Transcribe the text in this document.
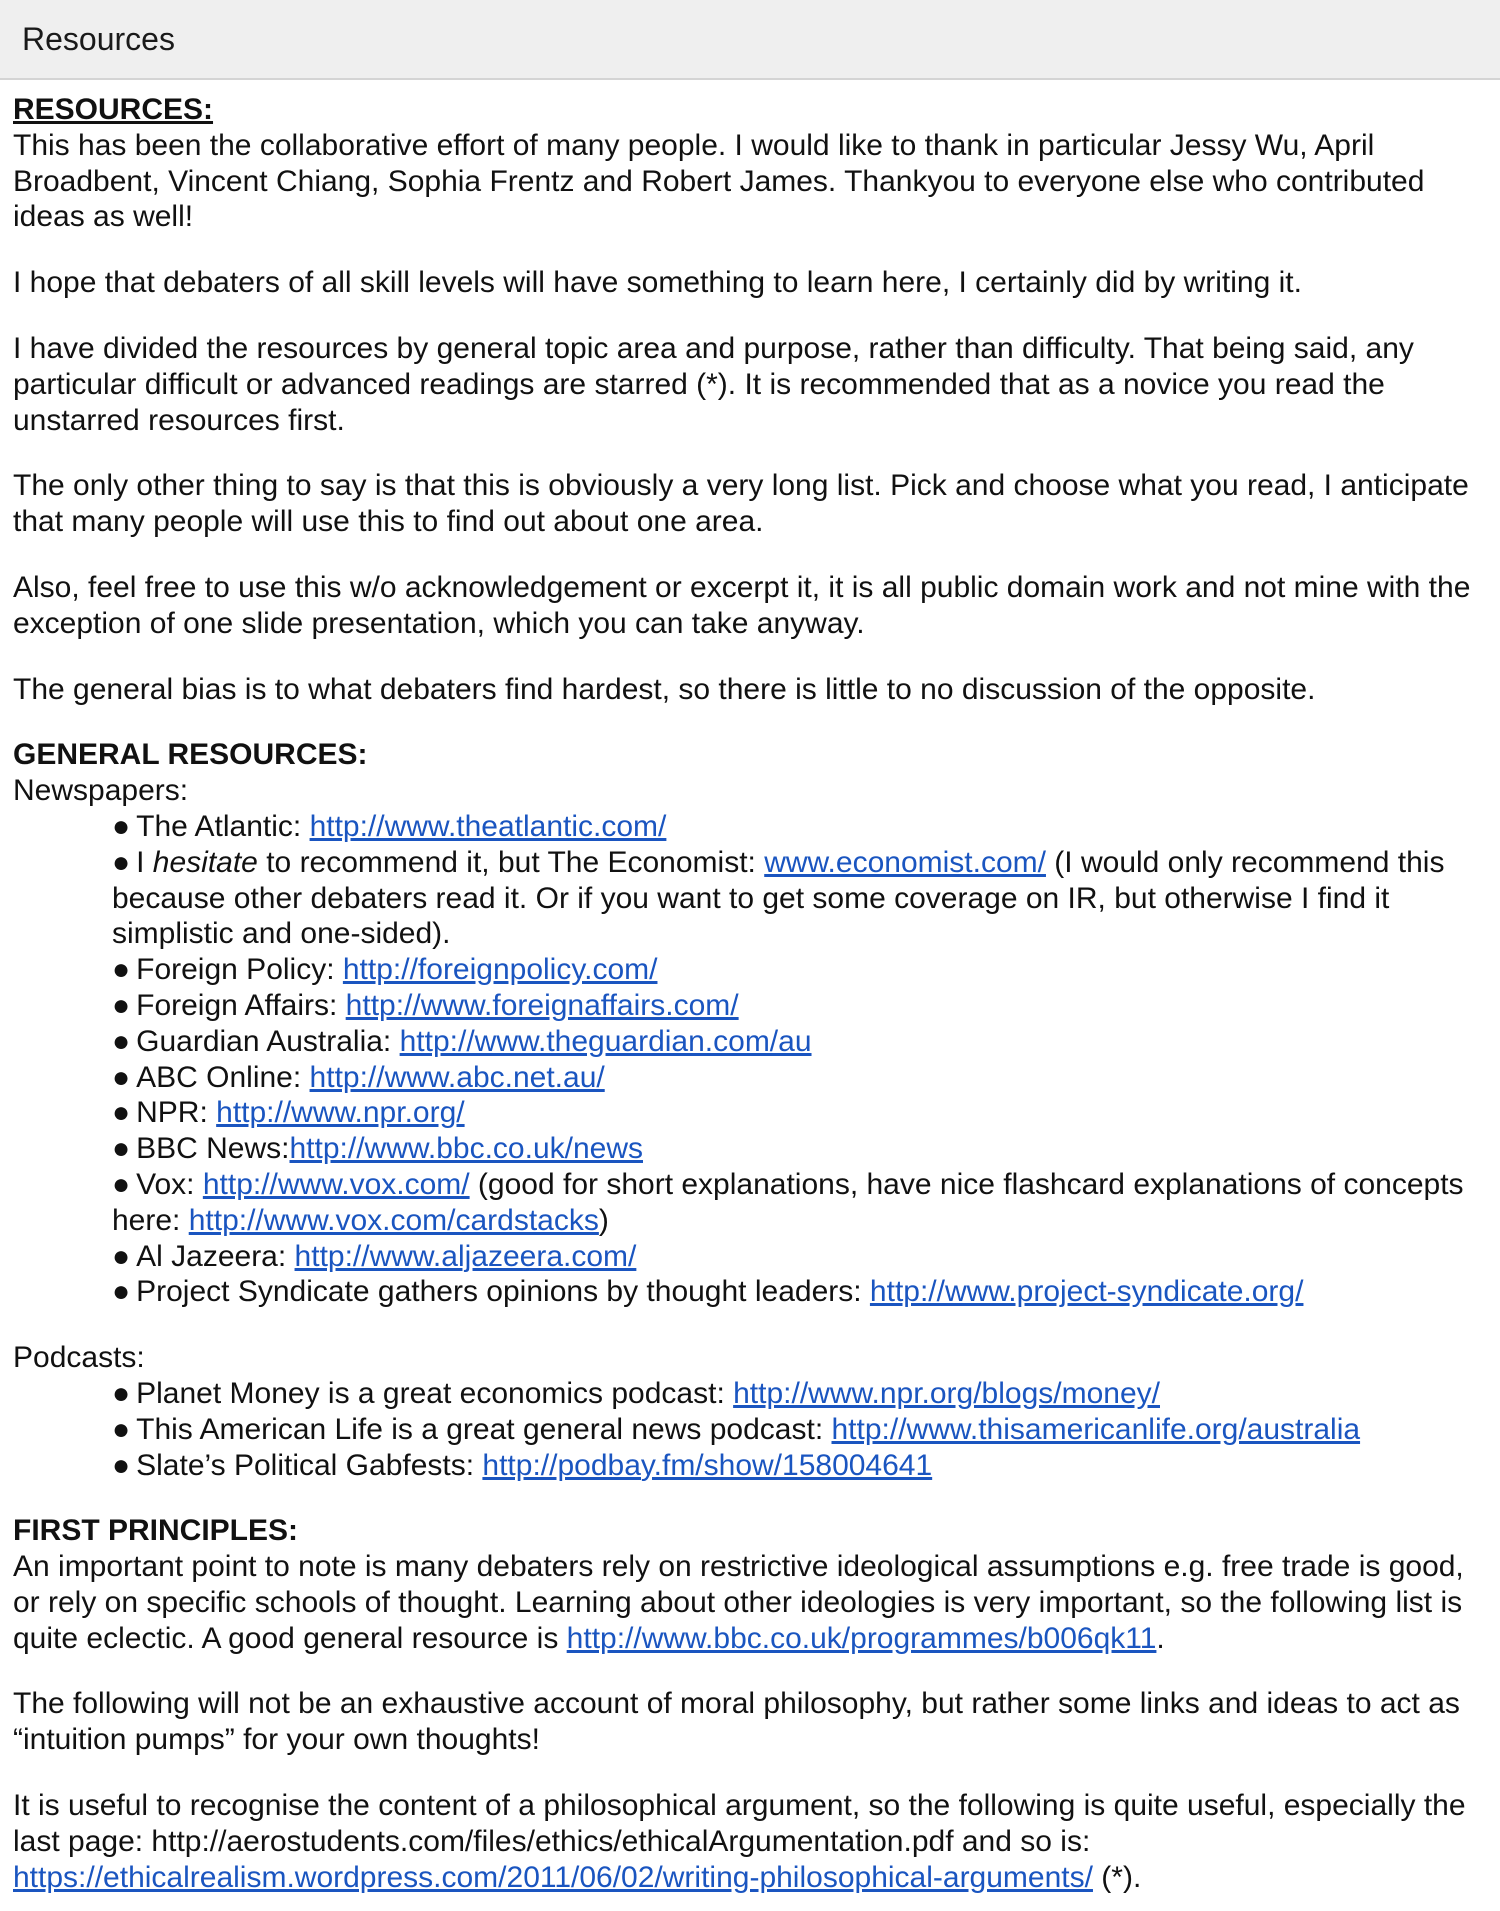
Resources
RESOURCES:

This has been the collaborative effort of many people. I would like to thank in particular Jessy Wu, April Broadbent, Vincent Chiang, Sophia Frentz and Robert James. Thankyou to everyone else who contributed ideas as well!

I hope that debaters of all skill levels will have something to learn here, I certainly did by writing it.

I have divided the resources by general topic area and purpose, rather than difficulty. That being said, any particular difficult or advanced readings are starred (*). It is recommended that as a novice you read the unstarred resources first.

The only other thing to say is that this is obviously a very long list. Pick and choose what you read, I anticipate that many people will use this to find out about one area.

Also, feel free to use this w/o acknowledgement or excerpt it, it is all public domain work and not mine with the exception of one slide presentation, which you can take anyway.

The general bias is to what debaters find hardest, so there is little to no discussion of the opposite.

GENERAL RESOURCES:
Newspapers:
● The Atlantic: http://www.theatlantic.com/
● I hesitate to recommend it, but The Economist: www.economist.com/ (I would only recommend this because other debaters read it. Or if you want to get some coverage on IR, but otherwise I find it simplistic and one-sided).
● Foreign Policy: http://foreignpolicy.com/
● Foreign Affairs: http://www.foreignaffairs.com/
● Guardian Australia: http://www.theguardian.com/au
● ABC Online: http://www.abc.net.au/
● NPR: http://www.npr.org/
● BBC News:http://www.bbc.co.uk/news
● Vox: http://www.vox.com/ (good for short explanations, have nice flashcard explanations of concepts here: http://www.vox.com/cardstacks)
● Al Jazeera: http://www.aljazeera.com/
● Project Syndicate gathers opinions by thought leaders: http://www.project-syndicate.org/
Podcasts:
● Planet Money is a great economics podcast: http://www.npr.org/blogs/money/
● This American Life is a great general news podcast: http://www.thisamericanlife.org/australia
● Slate’s Political Gabfests: http://podbay.fm/show/158004641
FIRST PRINCIPLES:

An important point to note is many debaters rely on restrictive ideological assumptions e.g. free trade is good, or rely on specific schools of thought. Learning about other ideologies is very important, so the following list is quite eclectic. A good general resource is http://www.bbc.co.uk/programmes/b006qk11.

The following will not be an exhaustive account of moral philosophy, but rather some links and ideas to act as “intuition pumps” for your own thoughts!

It is useful to recognise the content of a philosophical argument, so the following is quite useful, especially the last page: http://aerostudents.com/files/ethics/ethicalArgumentation.pdf and so is: https://ethicalrealism.wordpress.com/2011/06/02/writing-philosophical-arguments/ (*).
